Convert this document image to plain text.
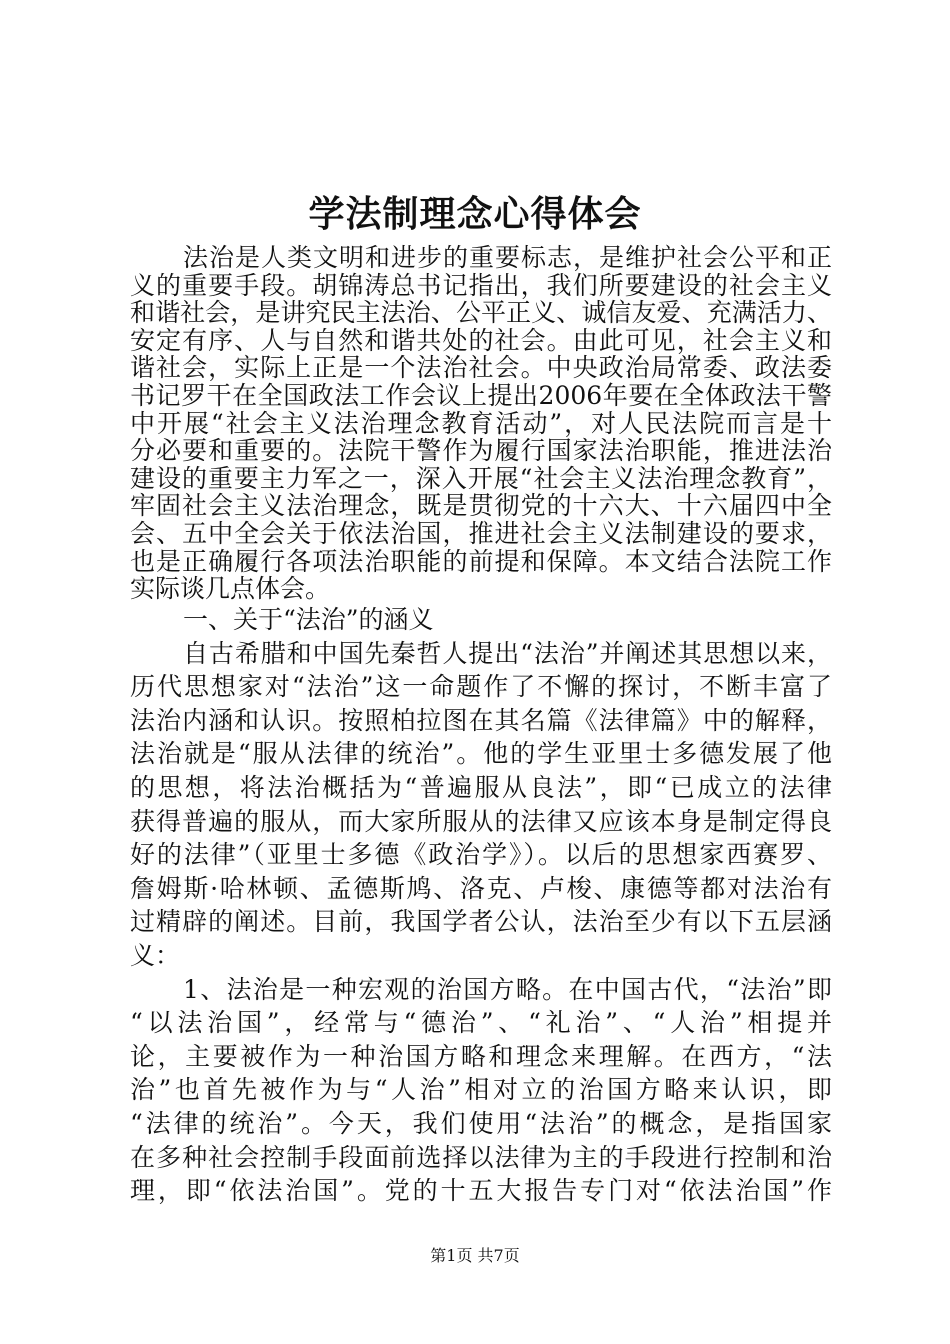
学法制理念心得体会
法治是人类文明和进步的重要标志，是维护社会公平和正
义的重要手段。胡锦涛总书记指出，我们所要建设的社会主义
和谐社会，是讲究民主法治、公平正义、诚信友爱、充满活力、
安定有序、人与自然和谐共处的社会。由此可见，社会主义和
谐社会，实际上正是一个法治社会。中央政治局常委、政法委
书记罗干在全国政法工作会议上提出2006年要在全体政法干警
中开展“社会主义法治理念教育活动”，对人民法院而言是十
分必要和重要的。法院干警作为履行国家法治职能，推进法治
建设的重要主力军之一，深入开展“社会主义法治理念教育”，
牢固社会主义法治理念，既是贯彻党的十六大、十六届四中全
会、五中全会关于依法治国，推进社会主义法制建设的要求，
也是正确履行各项法治职能的前提和保障。本文结合法院工作
实际谈几点体会。
一、关于“法治”的涵义
自古希腊和中国先秦哲人提出“法治”并阐述其思想以来，
历代思想家对“法治”这一命题作了不懈的探讨，不断丰富了
法治内涵和认识。按照柏拉图在其名篇《法律篇》中的解释，
法治就是“服从法律的统治”。他的学生亚里士多德发展了他
的思想，将法治概括为“普遍服从良法”，即“已成立的法律
获得普遍的服从，而大家所服从的法律又应该本身是制定得良
好的法律”（亚里士多德《政治学》）。以后的思想家西赛罗、
詹姆斯·哈林顿、孟德斯鸠、洛克、卢梭、康德等都对法治有
过精辟的阐述。目前，我国学者公认，法治至少有以下五层涵
义：
1、法治是一种宏观的治国方略。在中国古代，“法治”即
“以法治国”，经常与“德治”、“礼治”、“人治”相提并
论，主要被作为一种治国方略和理念来理解。在西方，“法
治”也首先被作为与“人治”相对立的治国方略来认识，即
“法律的统治”。今天，我们使用“法治”的概念，是指国家
在多种社会控制手段面前选择以法律为主的手段进行控制和治
理，即“依法治国”。党的十五大报告专门对“依法治国”作
第1页 共7页
